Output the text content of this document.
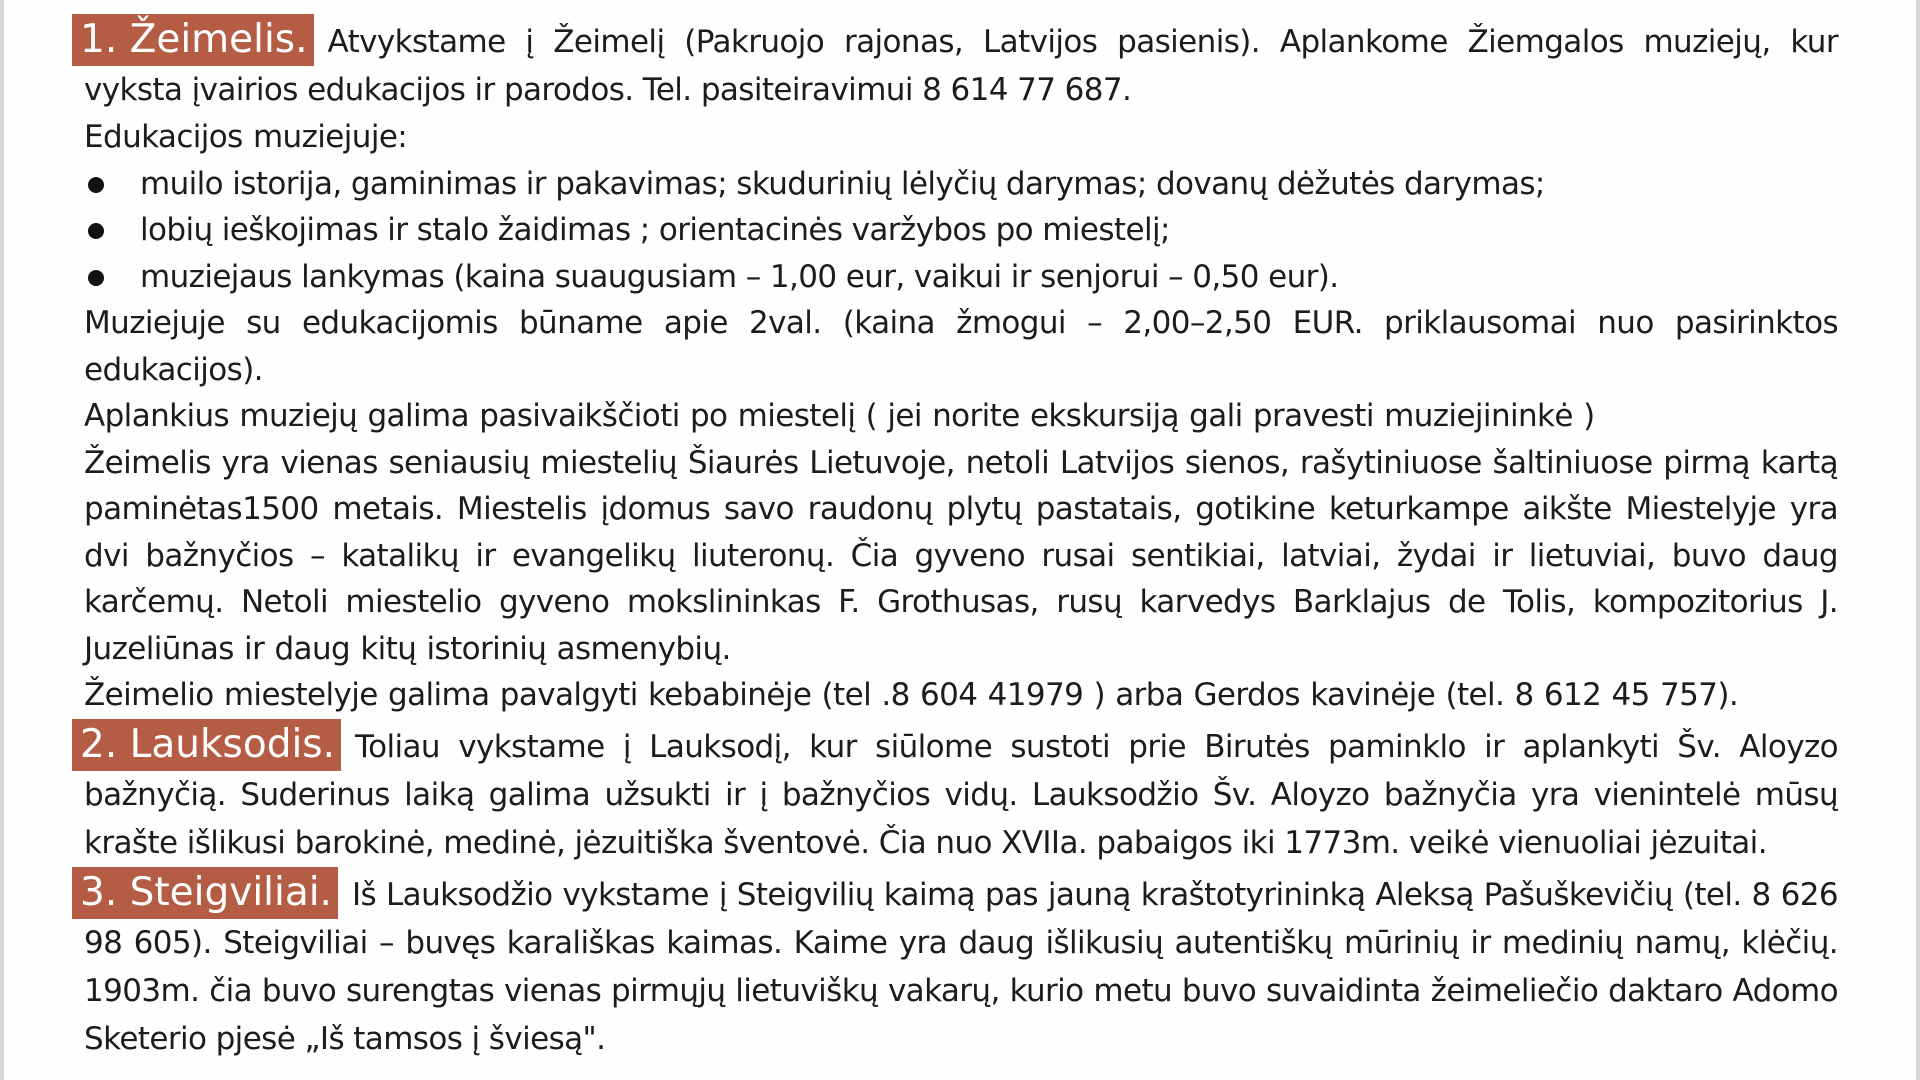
1. Žeimelis. Atvykstame į Žeimelį (Pakruojo rajonas, Latvijos pasienis). Aplankome Žiemgalos muziejų, kur vyksta įvairios edukacijos ir parodos. Tel. pasiteiravimui 8 614 77 687.

Edukacijos muziejuje:

muilo istorija, gaminimas ir pakavimas; skudurinių lėlyčių darymas; dovanų dėžutės darymas;
lobių ieškojimas ir stalo žaidimas ; orientacinės varžybos po miestelį;
muziejaus lankymas (kaina suaugusiam – 1,00 eur, vaikui ir senjorui – 0,50 eur).

Muziejuje su edukacijomis būname apie 2val. (kaina žmogui – 2,00–2,50 EUR. priklausomai nuo pasirinktos edukacijos).

Aplankius muziejų galima pasivaikščioti po miestelį ( jei norite ekskursiją gali pravesti muziejininkė )

Žeimelis yra vienas seniausių miestelių Šiaurės Lietuvoje, netoli Latvijos sienos, rašytiniuose šaltiniuose pirmą kartą paminėtas1500 metais. Miestelis įdomus savo raudonų plytų pastatais, gotikine keturkampe aikšte Miestelyje yra dvi bažnyčios – katalikų ir evangelikų liuteronų. Čia gyveno rusai sentikiai, latviai, žydai ir lietuviai, buvo daug karčemų. Netoli miestelio gyveno mokslininkas F. Grothusas, rusų karvedys Barklajus de Tolis, kompozitorius J. Juzeliūnas ir daug kitų istorinių asmenybių.

Žeimelio miestelyje galima pavalgyti kebabinėje (tel .8 604 41979 ) arba Gerdos kavinėje (tel. 8 612 45 757).

2. Lauksodis. Toliau vykstame į Lauksodį, kur siūlome sustoti prie Birutės paminklo ir aplankyti Šv. Aloyzo bažnyčią. Suderinus laiką galima užsukti ir į bažnyčios vidų. Lauksodžio Šv. Aloyzo bažnyčia yra vienintelė mūsų krašte išlikusi barokinė, medinė, jėzuitiška šventovė. Čia nuo XVIIa. pabaigos iki 1773m. veikė vienuoliai jėzuitai.

3. Steigviliai. Iš Lauksodžio vykstame į Steigvilių kaimą pas jauną kraštotyrininką Aleksą Pašuškevičių (tel. 8 626 98 605). Steigviliai – buvęs karališkas kaimas. Kaime yra daug išlikusių autentiškų mūrinių ir medinių namų, klėčių. 1903m. čia buvo surengtas vienas pirmųjų lietuviškų vakarų, kurio metu buvo suvaidinta žeimeliečio daktaro Adomo Sketerio pjesė „Iš tamsos į šviesą".
